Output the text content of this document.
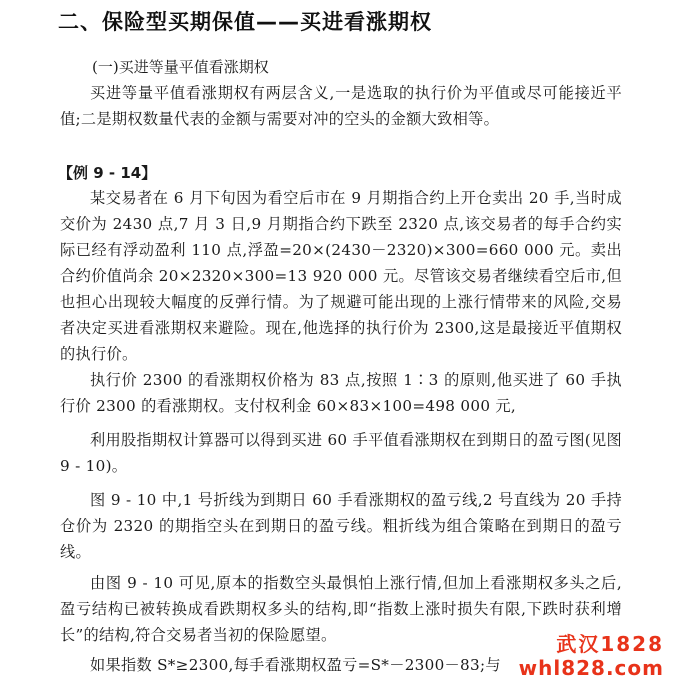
二、保险型买期保值——买进看涨期权

(一)买进等量平值看涨期权

买进等量平值看涨期权有两层含义,一是选取的执行价为平值或尽可能接近平值;二是期权数量代表的金额与需要对冲的空头的金额大致相等。

【例 9 - 14】

某交易者在 6 月下旬因为看空后市在 9 月期指合约上开仓卖出 20 手,当时成交价为 2430 点,7 月 3 日,9 月期指合约下跌至 2320 点,该交易者的每手合约实际已经有浮动盈利 110 点,浮盈=20×(2430－2320)×300=660 000 元。卖出合约价值尚余 20×2320×300=13 920 000 元。尽管该交易者继续看空后市,但也担心出现较大幅度的反弹行情。为了规避可能出现的上涨行情带来的风险,交易者决定买进看涨期权来避险。现在,他选择的执行价为 2300,这是最接近平值期权的执行价。

执行价 2300 的看涨期权价格为 83 点,按照 1∶3 的原则,他买进了 60 手执行价 2300 的看涨期权。支付权利金 60×83×100=498 000 元,

利用股指期权计算器可以得到买进 60 手平值看涨期权在到期日的盈亏图(见图 9 - 10)。

图 9 - 10 中,1 号折线为到期日 60 手看涨期权的盈亏线,2 号直线为 20 手持仓价为 2320 的期指空头在到期日的盈亏线。粗折线为组合策略在到期日的盈亏线。

由图 9 - 10 可见,原本的指数空头最惧怕上涨行情,但加上看涨期权多头之后,盈亏结构已被转换成看跌期权多头的结构,即“指数上涨时损失有限,下跌时获利增长”的结构,符合交易者当初的保险愿望。

如果指数 S*≥2300,每手看涨期权盈亏=S*－2300－83;与

武汉1828
whl828.com
